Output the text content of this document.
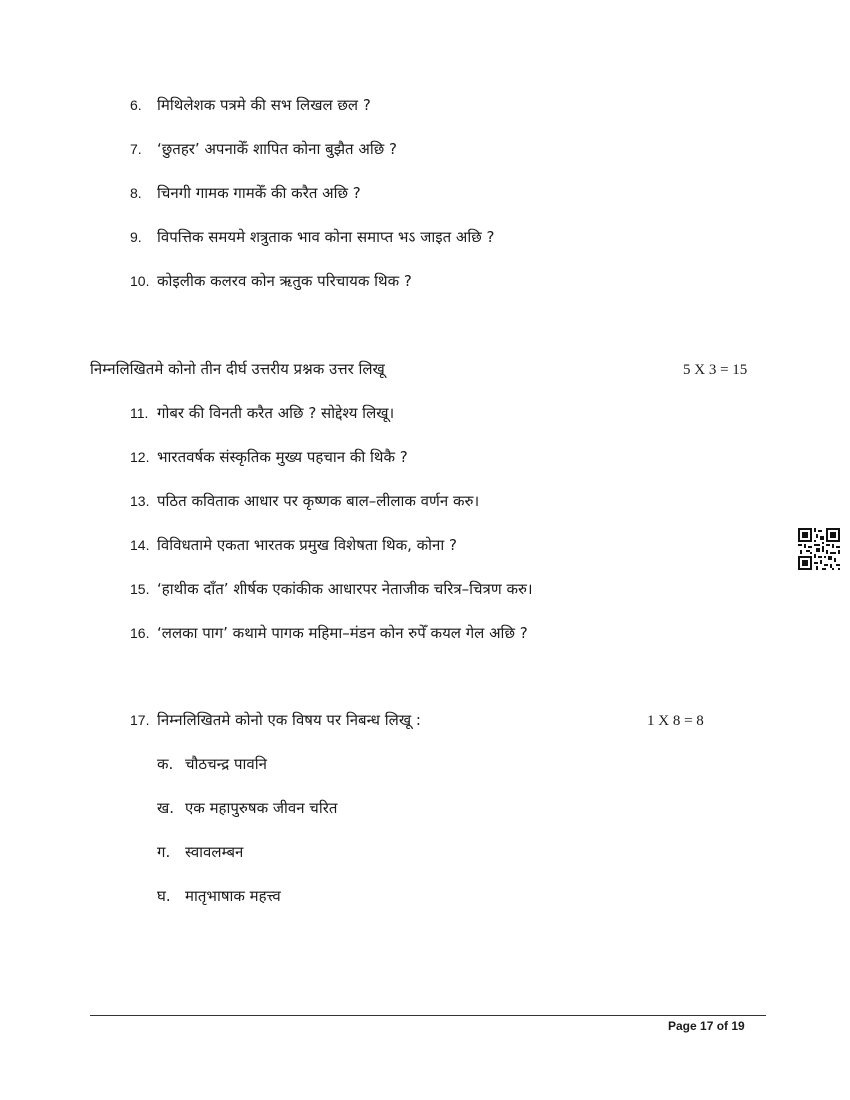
6. मिथिलेशक पत्रमे की सभ लिखल छल ?
7. ‘छुतहर’ अपनाकेँ शापित कोना बुझैत अछि ?
8. चिनगी गामक गामकेँ की करैत अछि ?
9. विपत्तिक समयमे शत्रुताक भाव कोना समाप्त भऽ जाइत अछि ?
10. कोइलीक कलरव कोन ऋतुक परिचायक थिक ?
निम्नलिखितमे कोनो तीन दीर्घ उत्तरीय प्रश्नक उत्तर लिखू	5 X 3 = 15
11. गोबर की विनती करैत अछि ? सोद्देश्य लिखू।
12. भारतवर्षक संस्कृतिक मुख्य पहचान की थिकै ?
13. पठित कविताक आधार पर कृष्णक बाल–लीलाक वर्णन करु।
14. विविधतामे एकता भारतक प्रमुख विशेषता थिक, कोना ?
15. ‘हाथीक दाँत’ शीर्षक एकांकीक आधारपर नेताजीक चरित्र–चित्रण करु।
16. ‘ललका पाग’ कथामे पागक महिमा–मंडन कोन रुपेँ कयल गेल अछि ?
17. निम्नलिखितमे कोनो एक विषय पर निबन्ध लिखू :	1 X 8 = 8
क. चौठचन्द्र पावनि
ख. एक महापुरुषक जीवन चरित
ग. स्वावलम्बन
घ. मातृभाषाक महत्त्व
Page 17 of 19
